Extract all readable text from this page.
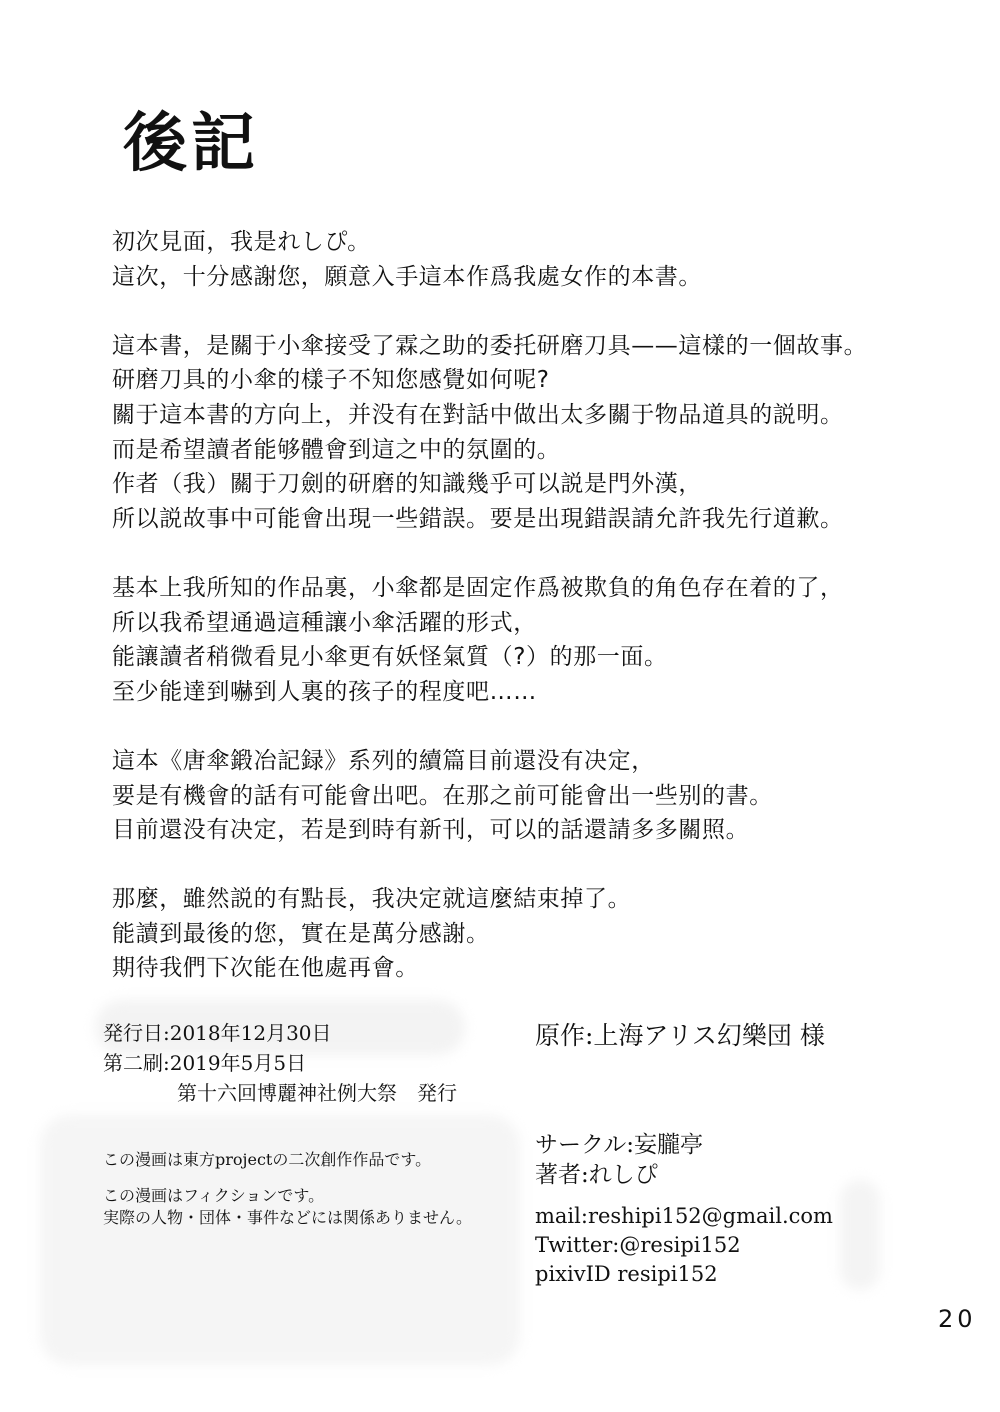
後記
初次見面，我是れしぴ。
這次，十分感謝您，願意入手這本作爲我處女作的本書。
這本書，是關于小傘接受了霖之助的委托研磨刀具——這樣的一個故事。
研磨刀具的小傘的樣子不知您感覺如何呢?
關于這本書的方向上，并没有在對話中做出太多關于物品道具的説明。
而是希望讀者能够體會到這之中的氛圍的。
作者（我）關于刀劍的研磨的知識幾乎可以説是門外漢，
所以説故事中可能會出現一些錯誤。要是出現錯誤請允許我先行道歉。
基本上我所知的作品裏，小傘都是固定作爲被欺負的角色存在着的了，
所以我希望通過這種讓小傘活躍的形式，
能讓讀者稍微看見小傘更有妖怪氣質（?）的那一面。
至少能達到嚇到人裏的孩子的程度吧……
這本《唐傘鍛冶記録》系列的續篇目前還没有决定，
要是有機會的話有可能會出吧。在那之前可能會出一些别的書。
目前還没有决定，若是到時有新刊，可以的話還請多多關照。
那麼，雖然説的有點長，我决定就這麼結束掉了。
能讀到最後的您，實在是萬分感謝。
期待我們下次能在他處再會。
発行日:2018年12月30日
第二刷:2019年5月5日
第十六回博麗神社例大祭　発行
この漫画は東方projectの二次創作作品です。
この漫画はフィクションです。
実際の人物・団体・事件などには関係ありません。
原作:上海アリス幻樂団 様
サークル:妄朧亭
著者:れしぴ
mail:reshipi152@gmail.com
Twitter:@resipi152
pixivID resipi152
20
